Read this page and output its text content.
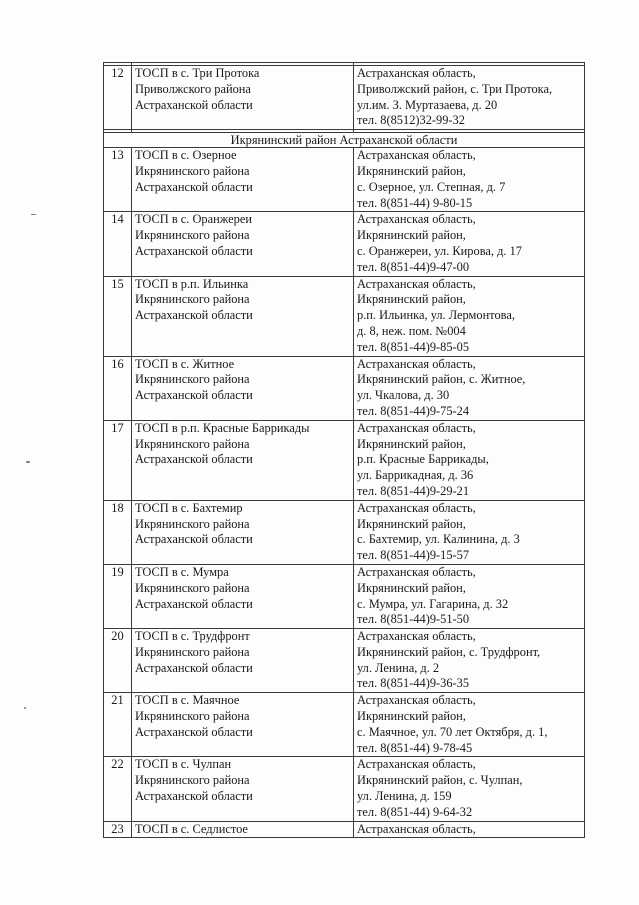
12	ТОСП в с. Три Протока
Приволжского района
Астраханской области	Астраханская область,
Приволжский район, с. Три Протока,
ул.им. З. Муртазаева, д. 20
тел. 8(8512)32-99-32

Икрянинский район Астраханской области		
13	ТОСП в с. Озерное
Икрянинского района
Астраханской области	Астраханская область,
Икрянинский район,
с. Озерное, ул. Степная, д. 7
тел. 8(851-44) 9-80-15

14	ТОСП в с. Оранжереи
Икрянинского района
Астраханской области	Астраханская область,
Икрянинский район,
с. Оранжереи, ул. Кирова, д. 17
тел. 8(851-44)9-47-00

15	ТОСП в р.п. Ильинка
Икрянинского района
Астраханской области	Астраханская область,
Икрянинский район,
р.п. Ильинка, ул. Лермонтова,
д. 8, неж. пом. №004
тел. 8(851-44)9-85-05

16	ТОСП в с. Житное
Икрянинского района
Астраханской области	Астраханская область,
Икрянинский район, с. Житное,
ул. Чкалова, д. 30
тел. 8(851-44)9-75-24

17	ТОСП в р.п. Красные Баррикады
Икрянинского района
Астраханской области	Астраханская область,
Икрянинский район,
р.п. Красные Баррикады,
ул. Баррикадная, д. 36
тел. 8(851-44)9-29-21

18	ТОСП в с. Бахтемир
Икрянинского района
Астраханской области	Астраханская область,
Икрянинский район,
с. Бахтемир, ул. Калинина, д. 3
тел. 8(851-44)9-15-57

19	ТОСП в с. Мумра
Икрянинского района
Астраханской области	Астраханская область,
Икрянинский район,
с. Мумра, ул. Гагарина, д. 32
тел. 8(851-44)9-51-50

20	ТОСП в с. Трудфронт
Икрянинского района
Астраханской области	Астраханская область,
Икрянинский район, с. Трудфронт,
ул. Ленина, д. 2
тел. 8(851-44)9-36-35

21	ТОСП в с. Маячное
Икрянинского района
Астраханской области	Астраханская область,
Икрянинский район,
с. Маячное, ул. 70 лет Октября, д. 1,
тел. 8(851-44) 9-78-45

22	ТОСП в с. Чулпан
Икрянинского района
Астраханской области	Астраханская область,
Икрянинский район, с. Чулпан,
ул. Ленина, д. 159
тел. 8(851-44) 9-64-32

23	ТОСП в с. Седлистое	Астраханская область,
